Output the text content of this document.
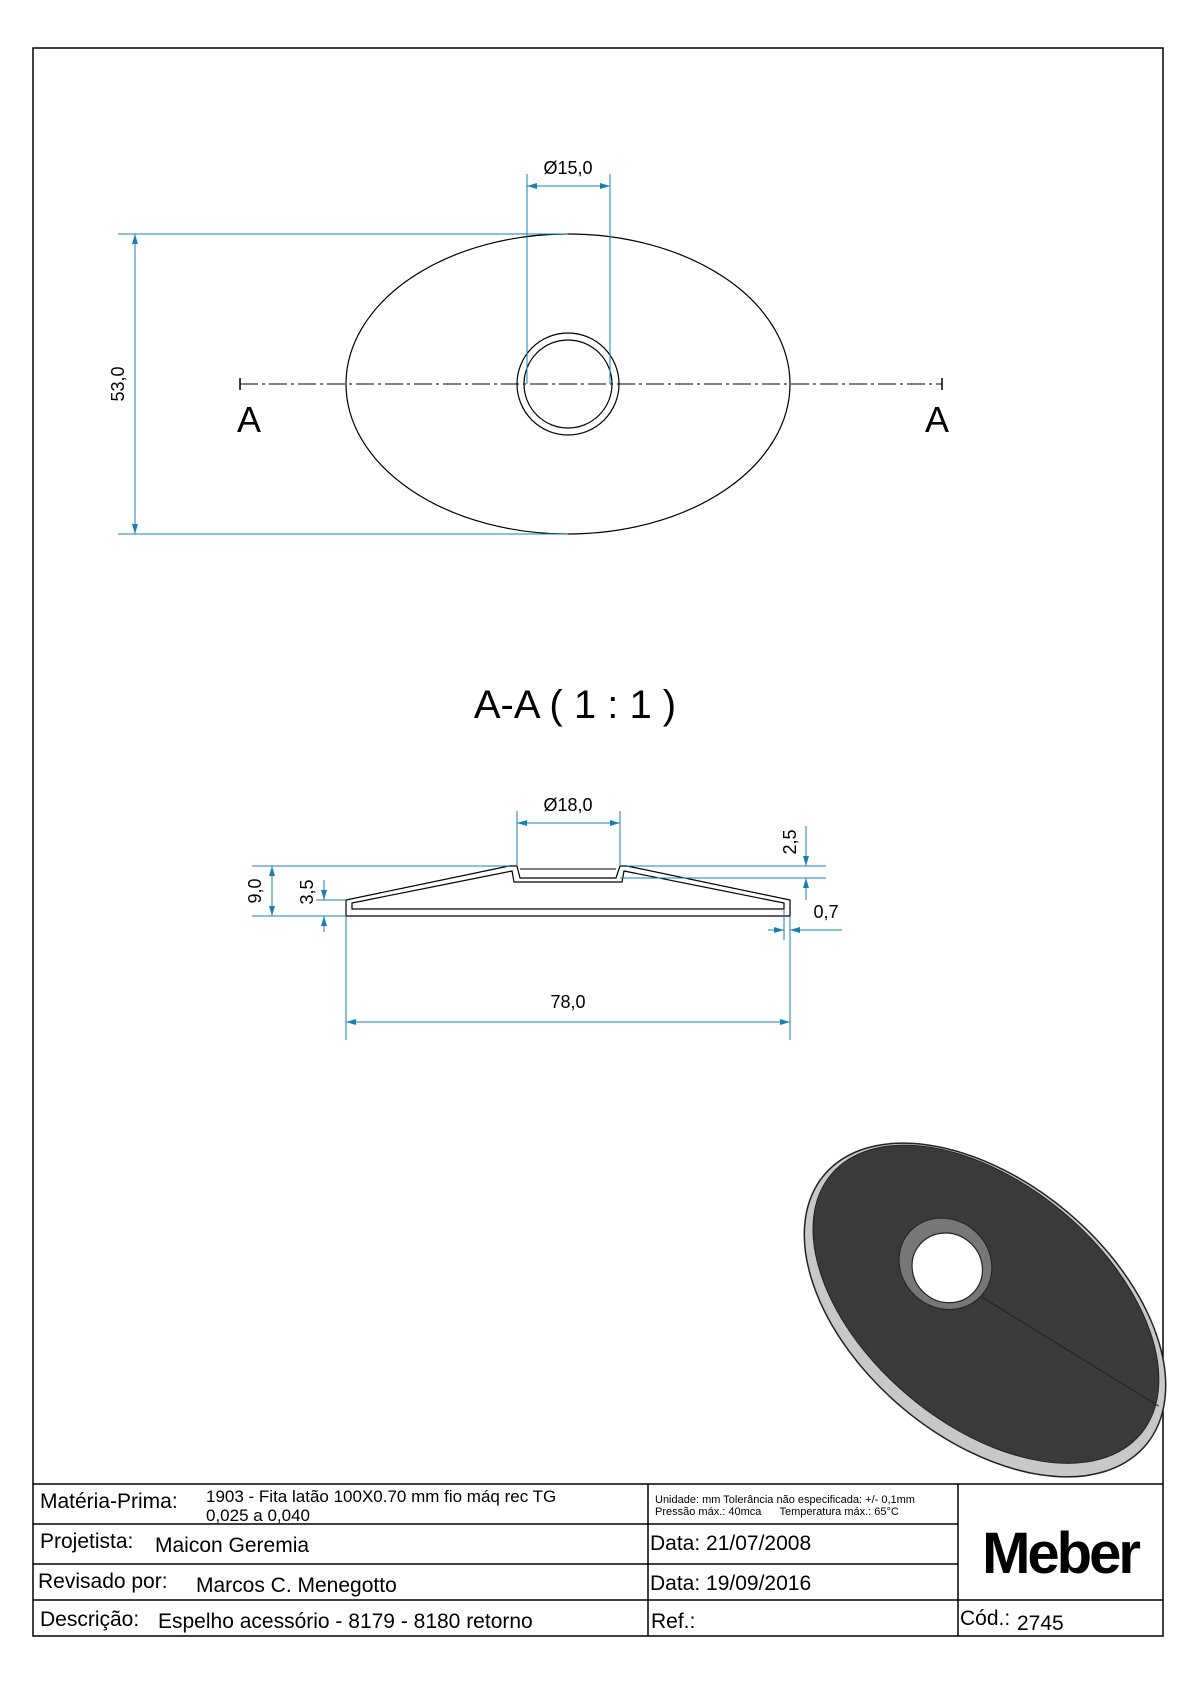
A	A
Ø15,0
53,0
A-A ( 1 : 1 )
Ø18,0
2,5
9,0 3,5
0,7
78,0
Matéria-Prima: 1903 - Fita latão 100X0.70 mm fio máq rec TG
0,025 a 0,040
Unidade: mm Tolerância não especificada: +/- 0,1mm
Pressão máx.: 40mca      Temperatura máx.: 65°C
Projetista: Maicon Geremia	Data: 21/07/2008
Revisado por: Marcos C. Menegotto	Data: 19/09/2016
Descrição: Espelho acessório - 8179 - 8180 retorno	Ref.:	Cód.: 2745
Meber
